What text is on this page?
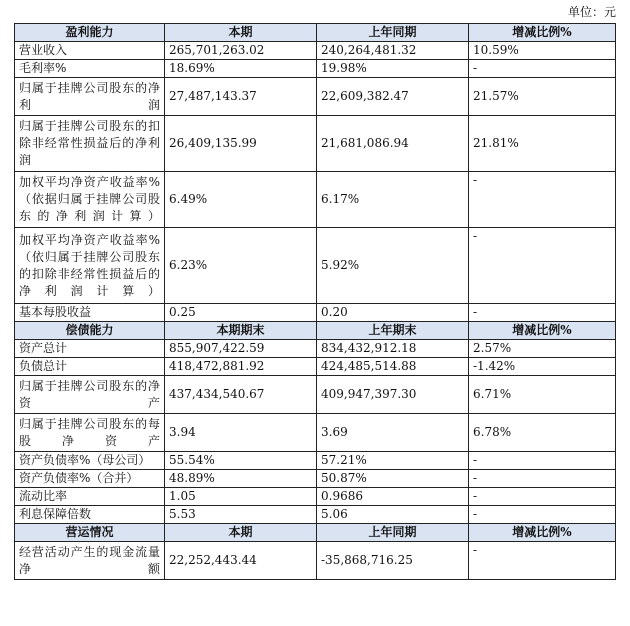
单位：元
盈利能力	本期	上年同期	增减比例%
营业收入	265,701,263.02	240,264,481.32	10.59%
毛利率%	18.69%	19.98%	-
归属于挂牌公司股东的净利润	27,487,143.37	22,609,382.47	21.57%
归属于挂牌公司股东的扣除非经常性损益后的净利润	26,409,135.99	21,681,086.94	21.81%
加权平均净资产收益率%（依据归属于挂牌公司股东的净利润计算）	6.49%	6.17%	-
加权平均净资产收益率%（依归属于挂牌公司股东的扣除非经常性损益后的净利润计算）	6.23%	5.92%	-
基本每股收益	0.25	0.20	-
偿债能力	本期期末	上年期末	增减比例%
资产总计	855,907,422.59	834,432,912.18	2.57%
负债总计	418,472,881.92	424,485,514.88	-1.42%
归属于挂牌公司股东的净资产	437,434,540.67	409,947,397.30	6.71%
归属于挂牌公司股东的每股净资产	3.94	3.69	6.78%
资产负债率%（母公司）	55.54%	57.21%	-
资产负债率%（合并）	48.89%	50.87%	-
流动比率	1.05	0.9686	-
利息保障倍数	5.53	5.06	-
营运情况	本期	上年同期	增减比例%
经营活动产生的现金流量净额	22,252,443.44	-35,868,716.25	-
